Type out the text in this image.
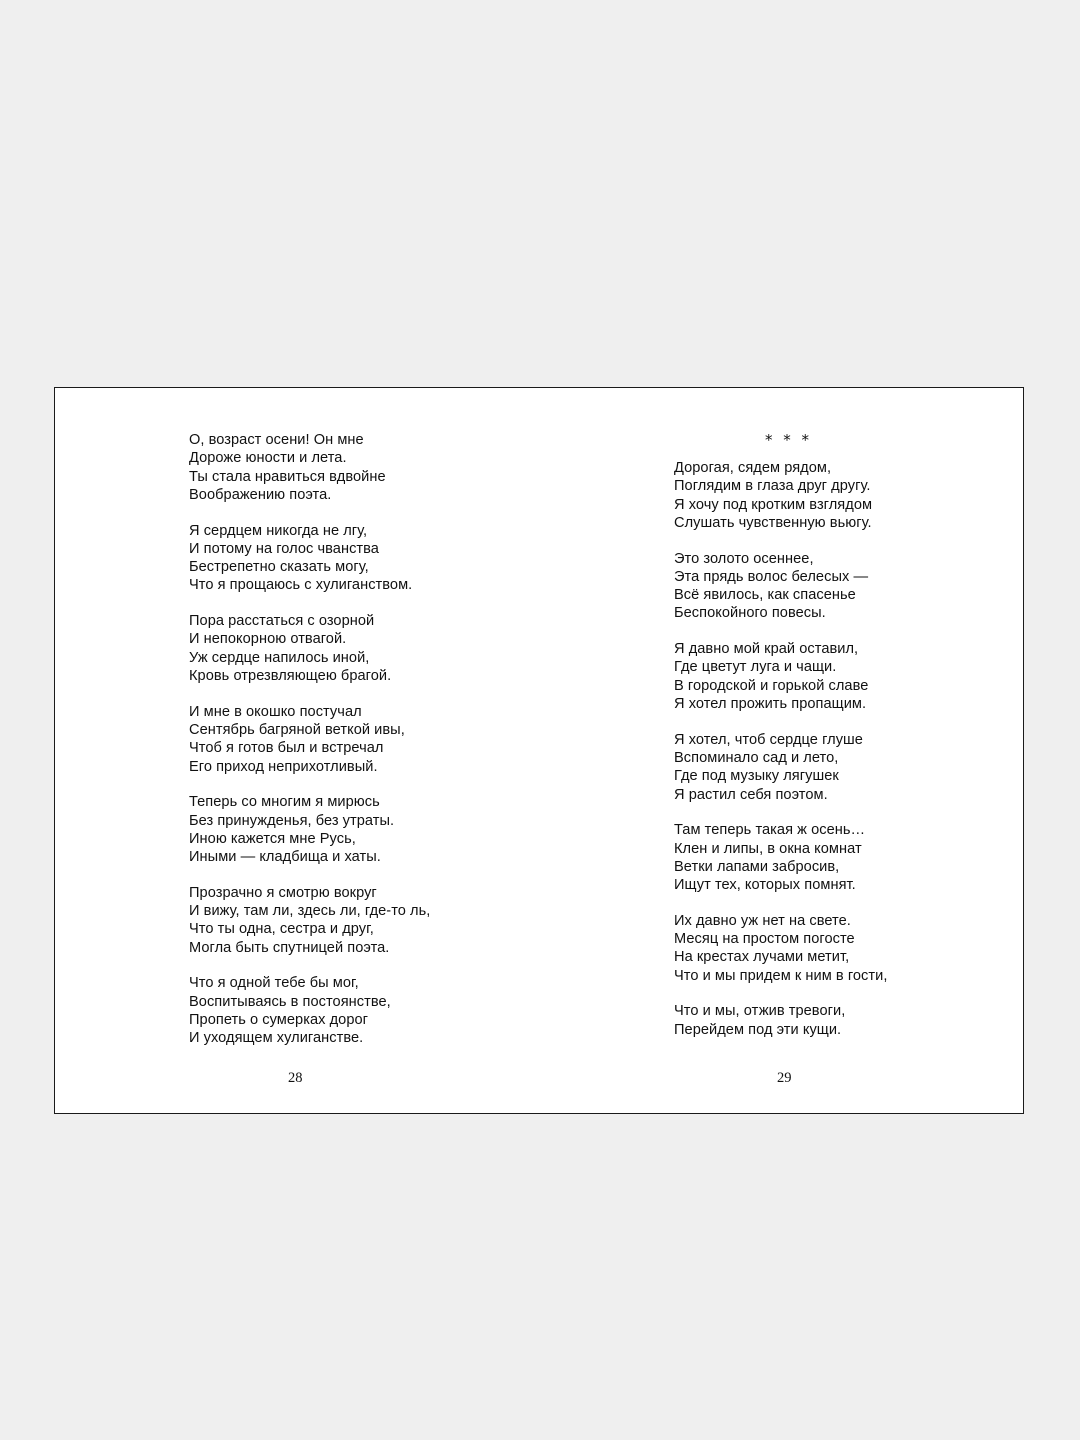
О, возраст осени! Он мне
Дороже юности и лета.
Ты стала нравиться вдвойне
Воображению поэта.
Я сердцем никогда не лгу,
И потому на голос чванства
Бестрепетно сказать могу,
Что я прощаюсь с хулиганством.
Пора расстаться с озорной
И непокорною отвагой.
Уж сердце напилось иной,
Кровь отрезвляющею брагой.
И мне в окошко постучал
Сентябрь багряной веткой ивы,
Чтоб я готов был и встречал
Его приход неприхотливый.
Теперь со многим я мирюсь
Без принужденья, без утраты.
Иною кажется мне Русь,
Иными — кладбища и хаты.
Прозрачно я смотрю вокруг
И вижу, там ли, здесь ли, где-то ль,
Что ты одна, сестра и друг,
Могла быть спутницей поэта.
Что я одной тебе бы мог,
Воспитываясь в постоянстве,
Пропеть о сумерках дорог
И уходящем хулиганстве.
28
* * *
Дорогая, сядем рядом,
Поглядим в глаза друг другу.
Я хочу под кротким взглядом
Слушать чувственную вьюгу.
Это золото осеннее,
Эта прядь волос белесых —
Всё явилось, как спасенье
Беспокойного повесы.
Я давно мой край оставил,
Где цветут луга и чащи.
В городской и горькой славе
Я хотел прожить пропащим.
Я хотел, чтоб сердце глуше
Вспоминало сад и лето,
Где под музыку лягушек
Я растил себя поэтом.
Там теперь такая ж осень…
Клен и липы, в окна комнат
Ветки лапами забросив,
Ищут тех, которых помнят.
Их давно уж нет на свете.
Месяц на простом погосте
На крестах лучами метит,
Что и мы придем к ним в гости,
Что и мы, отжив тревоги,
Перейдем под эти кущи.
29
